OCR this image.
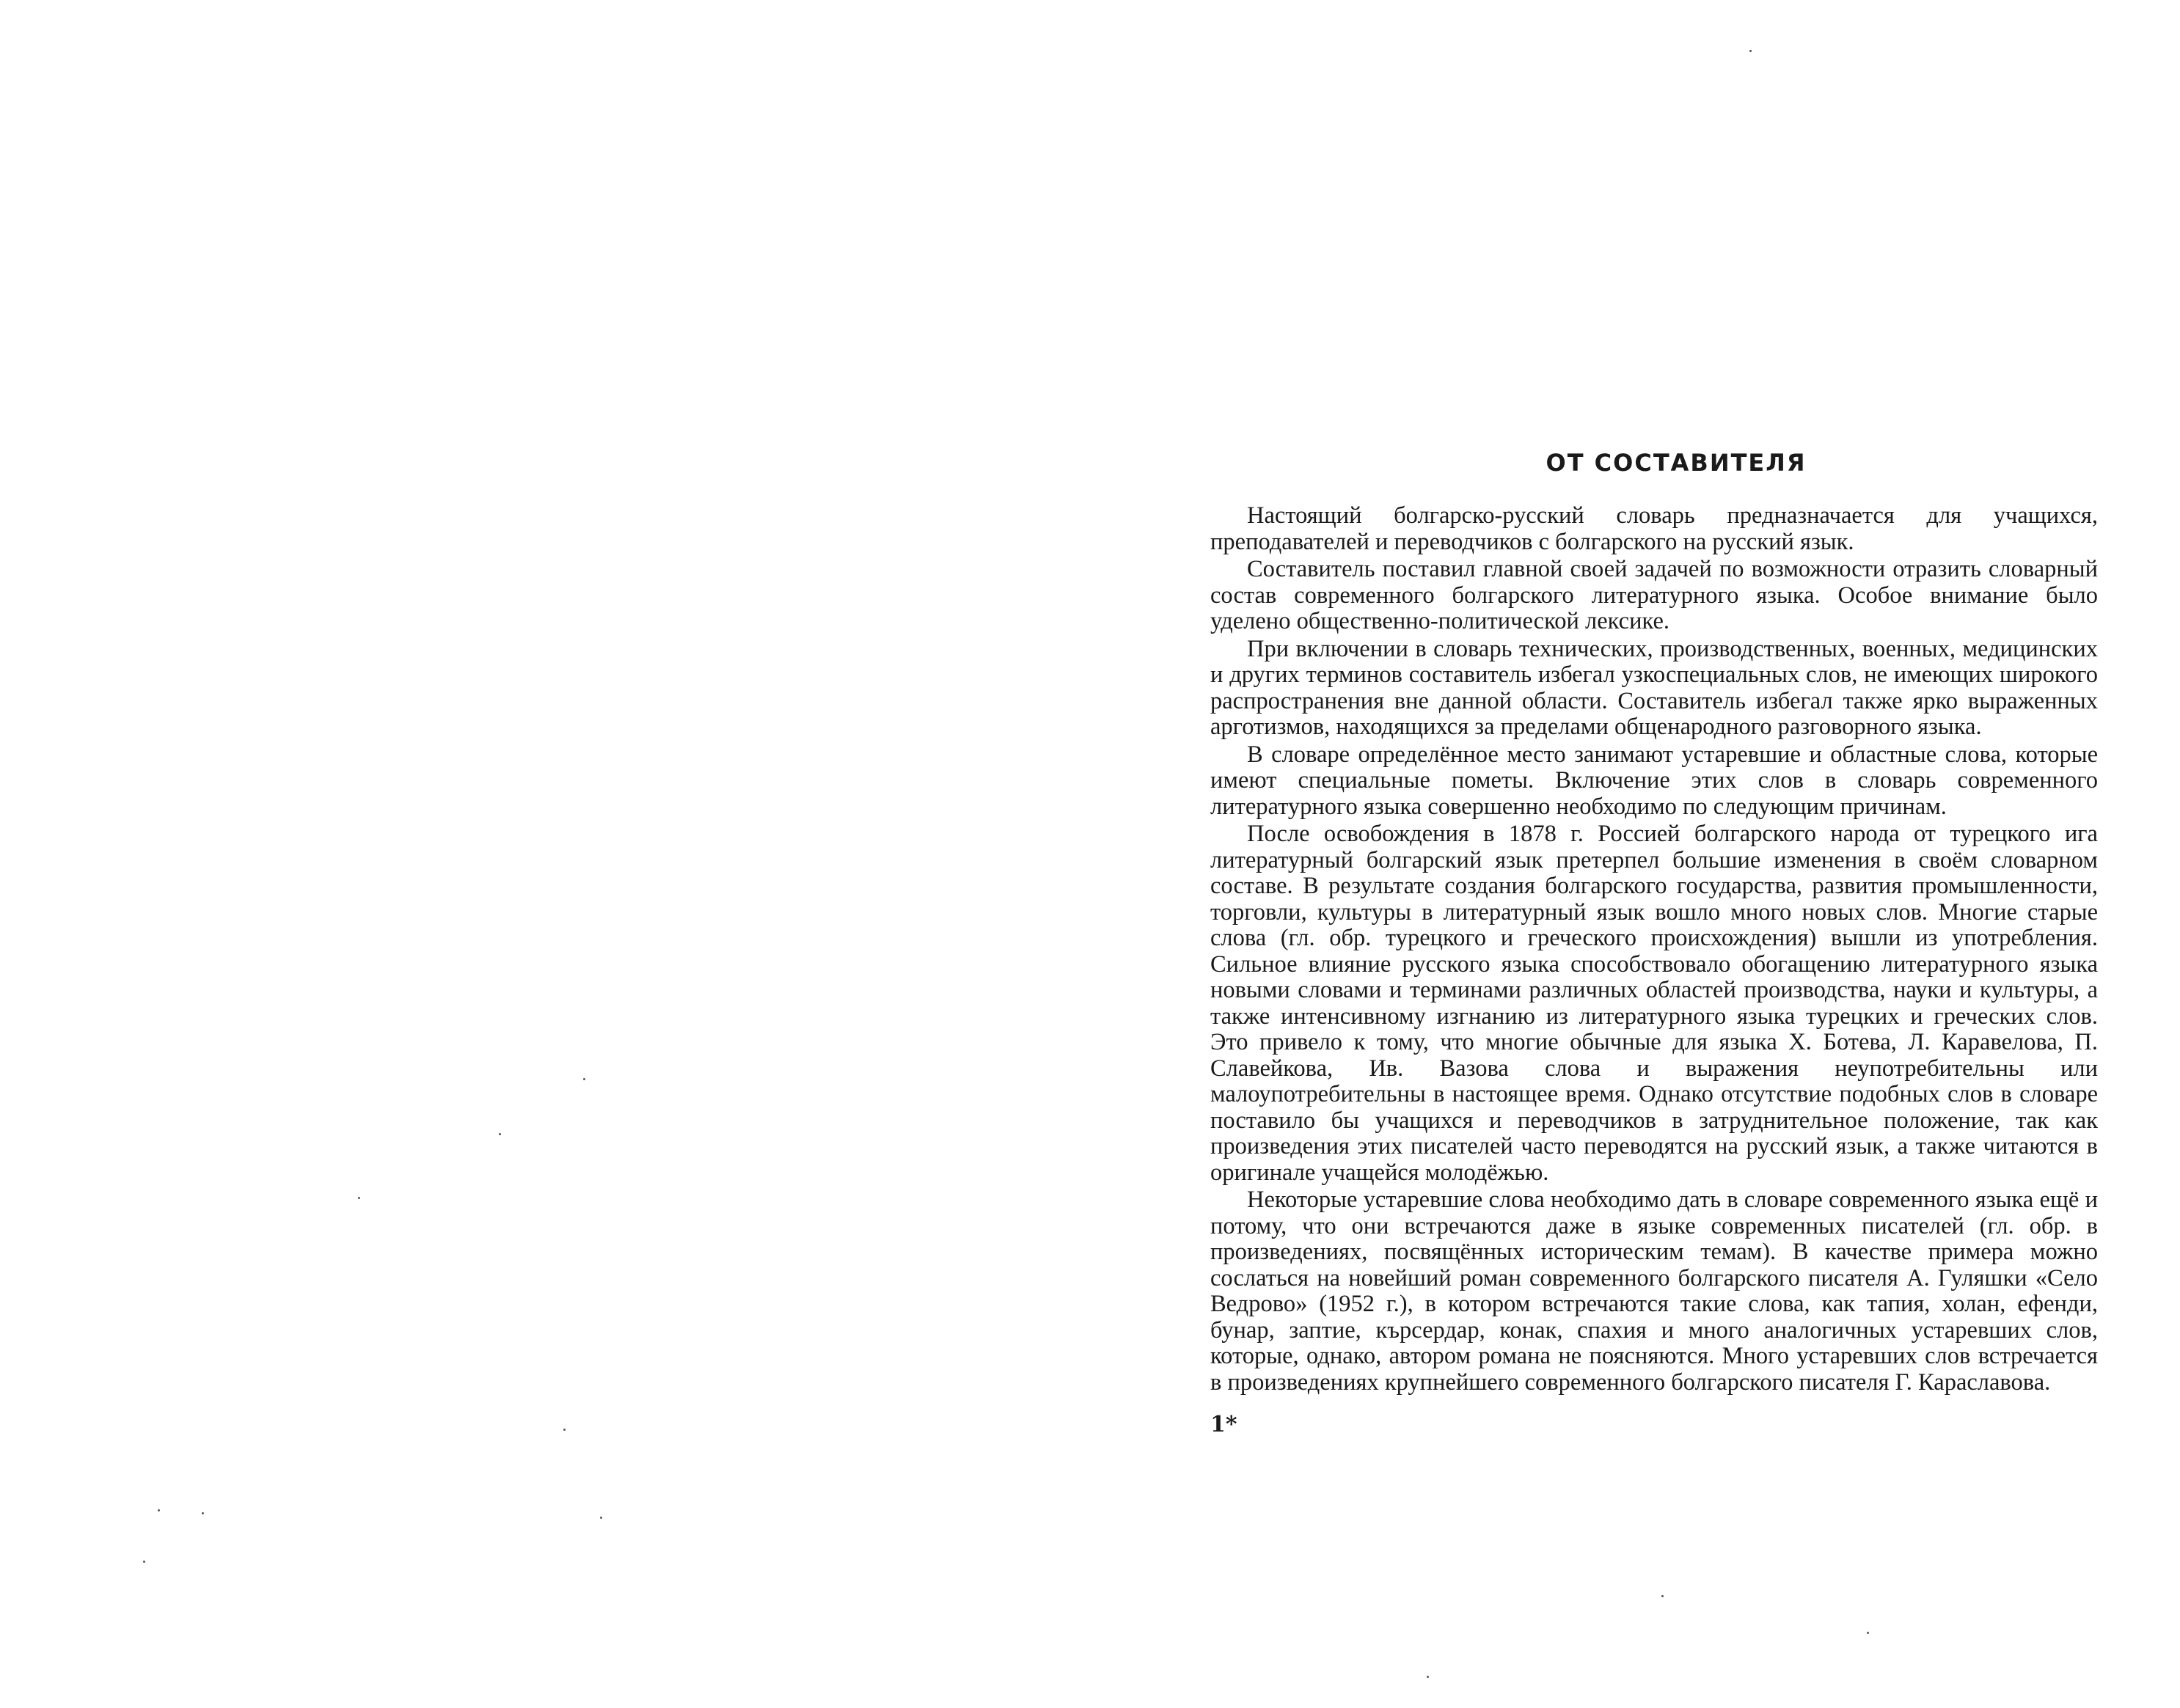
ОТ СОСТАВИТЕЛЯ

Настоящий болгарско-русский словарь предназначается для учащихся, преподавателей и переводчиков с болгарского на русский язык.

Составитель поставил главной своей задачей по возможности отразить словарный состав современного болгарского литературного языка. Особое внимание было уделено общественно-политической лексике.

При включении в словарь технических, производственных, военных, медицинских и других терминов составитель избегал узкоспециальных слов, не имеющих широкого распространения вне данной области. Составитель избегал также ярко выраженных арготизмов, находящихся за пределами общенародного разговорного языка.

В словаре определённое место занимают устаревшие и областные слова, которые имеют специальные пометы. Включение этих слов в словарь современного литературного языка совершенно необходимо по следующим причинам.

После освобождения в 1878 г. Россией болгарского народа от турецкого ига литературный болгарский язык претерпел большие изменения в своём словарном составе. В результате создания болгарского государства, развития промышленности, торговли, культуры в литературный язык вошло много новых слов. Многие старые слова (гл. обр. турецкого и греческого происхождения) вышли из употребления. Сильное влияние русского языка способствовало обогащению литературного языка новыми словами и терминами различных областей производства, науки и культуры, а также интенсивному изгнанию из литературного языка турецких и греческих слов. Это привело к тому, что многие обычные для языка Х. Ботева, Л. Каравелова, П. Славейкова, Ив. Вазова слова и выражения неупотребительны или малоупотребительны в настоящее время. Однако отсутствие подобных слов в словаре поставило бы учащихся и переводчиков в затруднительное положение, так как произведения этих писателей часто переводятся на русский язык, а также читаются в оригинале учащейся молодёжью.

Некоторые устаревшие слова необходимо дать в словаре современного языка ещё и потому, что они встречаются даже в языке современных писателей (гл. обр. в произведениях, посвящённых историческим темам). В качестве примера можно сослаться на новейший роман современного болгарского писателя А. Гуляшки «Село Ведрово» (1952 г.), в котором встречаются такие слова, как тапия, холан, ефенди, бунар, заптие, кърсердар, конак, спахия и много аналогичных устаревших слов, которые, однако, автором романа не поясняются. Много устаревших слов встречается в произведениях крупнейшего современного болгарского писателя Г. Караславова.

1*
